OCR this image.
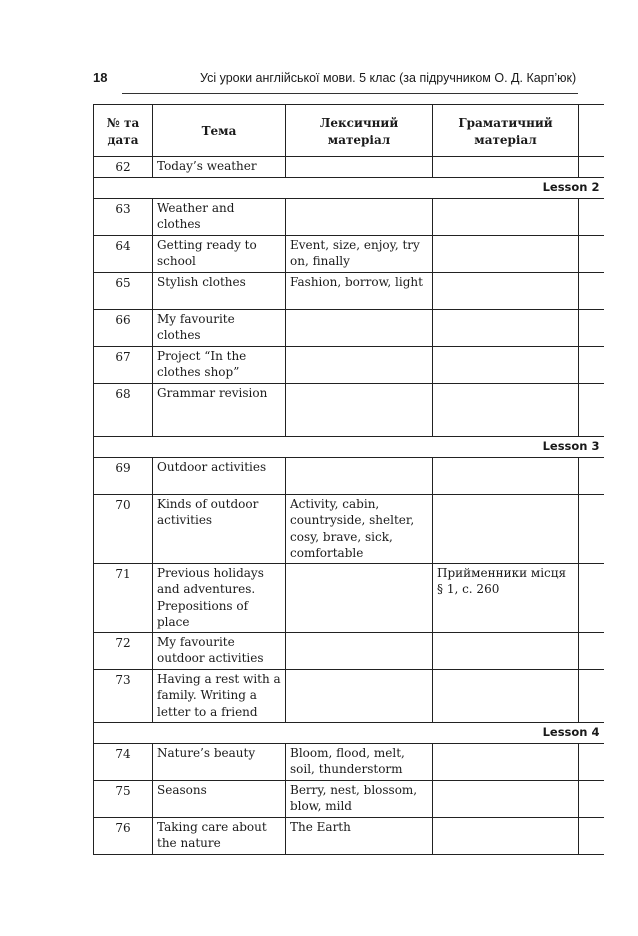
18	Усі уроки англійської мови. 5 клас (за підручником О. Д. Карп’юк)
№ та дата	Тема	Лексичний матеріал	Граматичний матеріал	
62	Today’s weather			
Lesson 2				
63	Weather and clothes			
64	Getting ready to school	Event, size, enjoy, try on, finally		
65	Stylish clothes	Fashion, borrow, light		
66	My favourite clothes			
67	Project “In the clothes shop”			
68	Grammar revision			
Lesson 3				
69	Outdoor activities			
70	Kinds of outdoor activities	Activity, cabin, countryside, shelter, cosy, brave, sick, comfortable		
71	Previous holidays and adventures. Prepositions of place		Прийменники місця § 1, с. 260	
72	My favourite outdoor activities			
73	Having a rest with a family. Writing a letter to a friend			
Lesson 4				
74	Nature’s beauty	Bloom, flood, melt, soil, thunderstorm		
75	Seasons	Berry, nest, blossom, blow, mild		
76	Taking care about the nature	The Earth		
